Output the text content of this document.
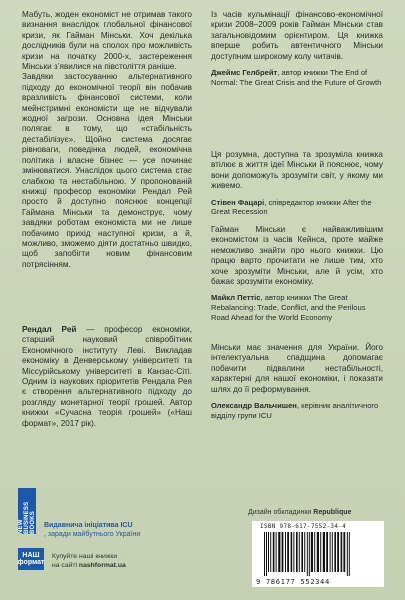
Мабуть, жоден економіст не отримав такого визнання внаслідок глобальної фінансової кризи, як Гайман Мінськи. Хоч декілька дослідників були на сполох про можливість кризи на початку 2000-х, застереження Мінськи з’явилися на півстоліття раніше.

Завдяки застосуванню альтернативного підходу до економічної теорії він побачив вразливість фінансової системи, коли мейнстримні економісти ще не відчували жодної загрози. Основна ідея Мінськи полягає в тому, що «стабільність дестабілізує». Щойно система досягає рівноваги, поведінка людей, економічна політика і власне бізнес — усе починає змінюватися. Унаслідок цього система стає слабкою та нестабільною. У пропонованій книжці професор економіки Рендал Рей просто й доступно пояснює концепції Гаймана Мінськи та демонструє, чому завдяки роботам економіста ми не лише побачимо прихід наступної кризи, а й, можливо, зможемо діяти достатньо швидко, щоб запобігти новим фінансовим потрясінням.

Рендал Рей — професор економіки, старший науковий співробітник Економічного інституту Леві. Викладав економіку в Денверському університеті та Міссурійському університеті в Канзас-Сіті. Одним із наукових пріоритетів Рендала Рея є створення альтернативного підходу до розгляду монетарної теорії грошей. Автор книжки «Сучасна теорія грошей» («Наш формат», 2017 рік).

Із часів кульмінації фінансово-економічної кризи 2008–2009 років Гайман Мінськи став загальновідомим орієнтиром. Ця книжка вперше робить автентичного Мінськи доступним широкому колу читачів.

Джеймс Гелбрейт, автор книжки The End of Normal: The Great Crisis and the Future of Growth

Ця розумна, доступна та зрозуміла книжка втілює в життя ідеї Мінськи й пояснює, чому вони допоможуть зрозуміти світ, у якому ми живемо.

Стівен Фацарі, співредактор книжки After the Great Recession

Гайман Мінськи є найважливішим економістом із часів Кейнса, проте майже неможливо знайти про нього книжки. Цю працю варто прочитати не лише тим, хто хоче зрозуміти Мінськи, але й усім, хто бажає зрозуміти економіку.

Майкл Петтіс, автор книжки The Great Rebalancing: Trade, Conflict, and the Perilous Road Ahead for the World Economy

Мінськи має значення для України. Його інтелектуальна спадщина допомагає побачити підвалини нестабільності, характерні для нашої економіки, і показати шлях до її реформування.

Олександр Вальчишен, керівник аналітичного відділу групи ICU
Дизайн обкладинки Republique
NEW BUSINESS BOOKS Видавнича ініціатива ICU
, заради майбутнього України
НАШ формат
Купуйте наші книжки
на сайті nashformat.ua
ISBN 978-617-7552-34-4
9 786177 552344
